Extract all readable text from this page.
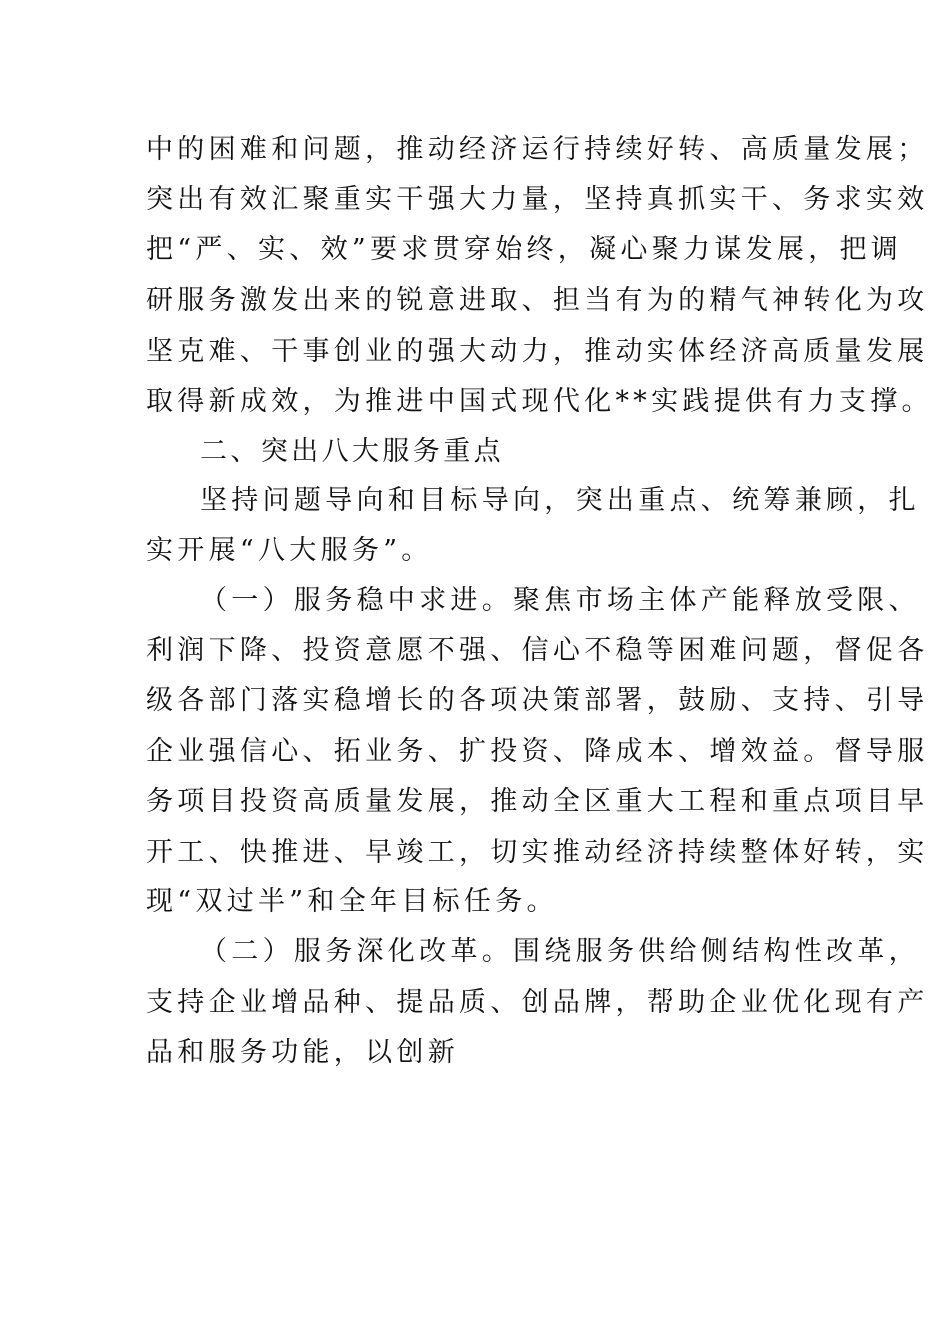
中的困难和问题，推动经济运行持续好转、高质量发展；
突出有效汇聚重实干强大力量，坚持真抓实干、务求实效
把“严、实、效”要求贯穿始终，凝心聚力谋发展，把调
研服务激发出来的锐意进取、担当有为的精气神转化为攻
坚克难、干事创业的强大动力，推动实体经济高质量发展
取得新成效，为推进中国式现代化**实践提供有力支撑。
二、突出八大服务重点
坚持问题导向和目标导向，突出重点、统筹兼顾，扎
实开展“八大服务”。
（一）服务稳中求进。聚焦市场主体产能释放受限、
利润下降、投资意愿不强、信心不稳等困难问题，督促各
级各部门落实稳增长的各项决策部署，鼓励、支持、引导
企业强信心、拓业务、扩投资、降成本、增效益。督导服
务项目投资高质量发展，推动全区重大工程和重点项目早
开工、快推进、早竣工，切实推动经济持续整体好转，实
现“双过半”和全年目标任务。
（二）服务深化改革。围绕服务供给侧结构性改革，
支持企业增品种、提品质、创品牌，帮助企业优化现有产
品和服务功能，以创新
